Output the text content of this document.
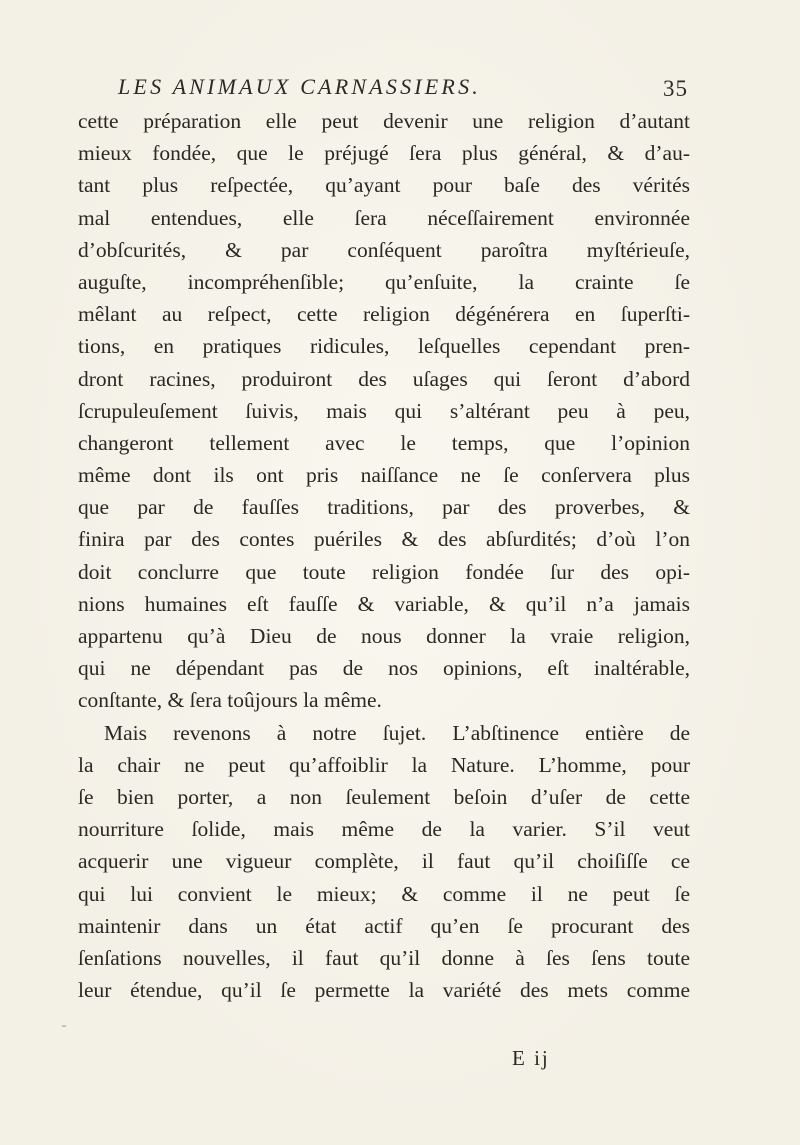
LES ANIMAUX CARNASSIERS.	35
cette préparation elle peut devenir une religion d’autant
mieux fondée, que le préjugé ſera plus général, & d’au-
tant plus reſpectée, qu’ayant pour baſe des vérités
mal entendues, elle ſera néceſſairement environnée
d’obſcurités, & par conſéquent paroîtra myſtérieuſe,
auguſte, incompréhenſible; qu’enſuite, la crainte ſe
mêlant au reſpect, cette religion dégénérera en ſuperſti-
tions, en pratiques ridicules, leſquelles cependant pren-
dront racines, produiront des uſages qui ſeront d’abord
ſcrupuleuſement ſuivis, mais qui s’altérant peu à peu,
changeront tellement avec le temps, que l’opinion
même dont ils ont pris naiſſance ne ſe conſervera plus
que par de fauſſes traditions, par des proverbes, &
finira par des contes puériles & des abſurdités; d’où l’on
doit conclurre que toute religion fondée ſur des opi-
nions humaines eſt fauſſe & variable, & qu’il n’a jamais
appartenu qu’à Dieu de nous donner la vraie religion,
qui ne dépendant pas de nos opinions, eſt inaltérable,
conſtante, & ſera toûjours la même.
Mais revenons à notre ſujet. L’abſtinence entière de
la chair ne peut qu’affoiblir la Nature. L’homme, pour
ſe bien porter, a non ſeulement beſoin d’uſer de cette
nourriture ſolide, mais même de la varier. S’il veut
acquerir une vigueur complète, il faut qu’il choiſiſſe ce
qui lui convient le mieux; & comme il ne peut ſe
maintenir dans un état actif qu’en ſe procurant des
ſenſations nouvelles, il faut qu’il donne à ſes ſens toute
leur étendue, qu’il ſe permette la variété des mets comme
E ij
